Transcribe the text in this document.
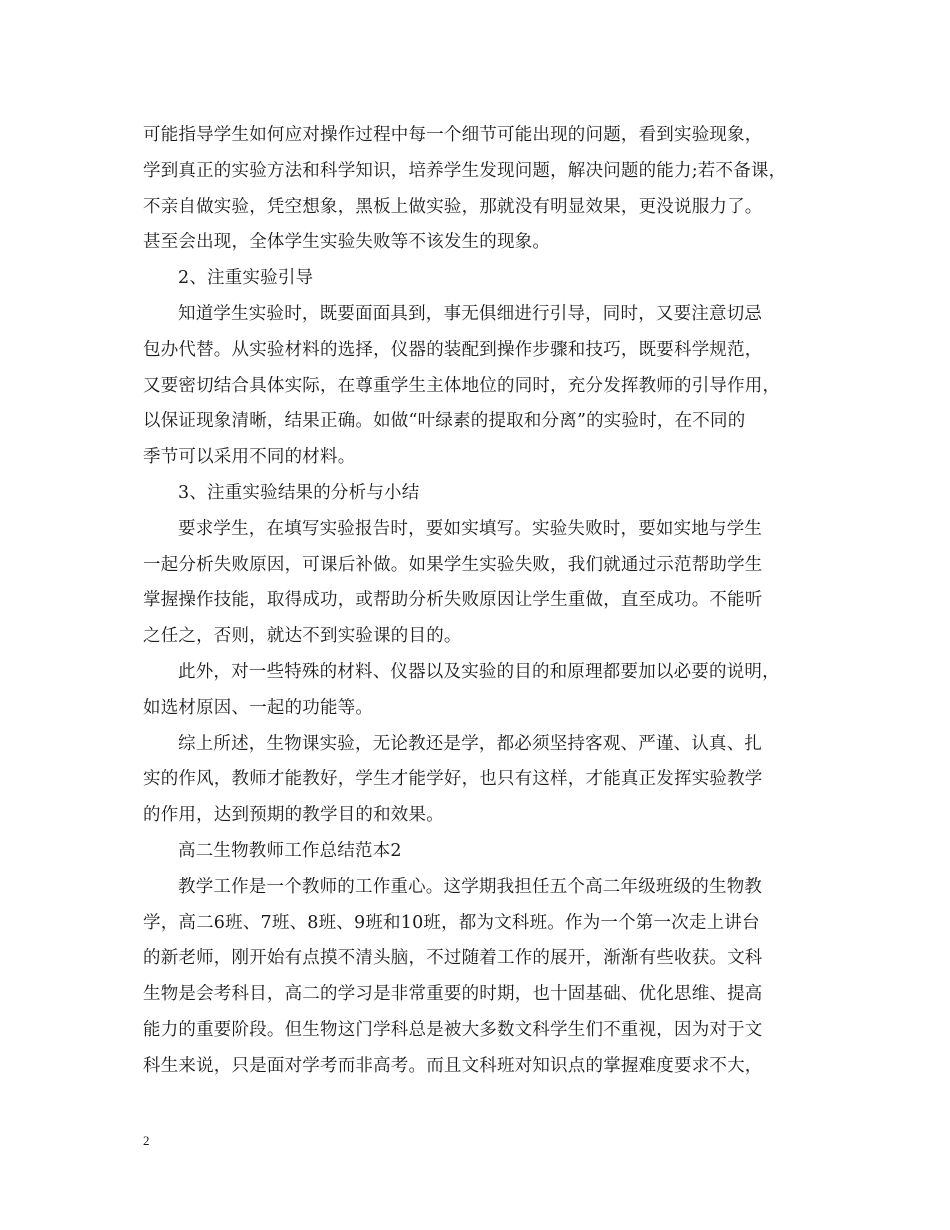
可能指导学生如何应对操作过程中每一个细节可能出现的问题，看到实验现象，
学到真正的实验方法和科学知识，培养学生发现问题，解决问题的能力;若不备课，
不亲自做实验，凭空想象，黑板上做实验，那就没有明显效果，更没说服力了。
甚至会出现，全体学生实验失败等不该发生的现象。
2、注重实验引导
知道学生实验时，既要面面具到，事无俱细进行引导，同时，又要注意切忌
包办代替。从实验材料的选择，仪器的装配到操作步骤和技巧，既要科学规范，
又要密切结合具体实际，在尊重学生主体地位的同时，充分发挥教师的引导作用，
以保证现象清晰，结果正确。如做“叶绿素的提取和分离”的实验时，在不同的
季节可以采用不同的材料。
3、注重实验结果的分析与小结
要求学生，在填写实验报告时，要如实填写。实验失败时，要如实地与学生
一起分析失败原因，可课后补做。如果学生实验失败，我们就通过示范帮助学生
掌握操作技能，取得成功，或帮助分析失败原因让学生重做，直至成功。不能听
之任之，否则，就达不到实验课的目的。
此外，对一些特殊的材料、仪器以及实验的目的和原理都要加以必要的说明，
如选材原因、一起的功能等。
综上所述，生物课实验，无论教还是学，都必须坚持客观、严谨、认真、扎
实的作风，教师才能教好，学生才能学好，也只有这样，才能真正发挥实验教学
的作用，达到预期的教学目的和效果。
高二生物教师工作总结范本2
教学工作是一个教师的工作重心。这学期我担任五个高二年级班级的生物教
学，高二6班、7班、8班、9班和10班，都为文科班。作为一个第一次走上讲台
的新老师，刚开始有点摸不清头脑，不过随着工作的展开，渐渐有些收获。文科
生物是会考科目，高二的学习是非常重要的时期，也十固基础、优化思维、提高
能力的重要阶段。但生物这门学科总是被大多数文科学生们不重视，因为对于文
科生来说，只是面对学考而非高考。而且文科班对知识点的掌握难度要求不大，
2
